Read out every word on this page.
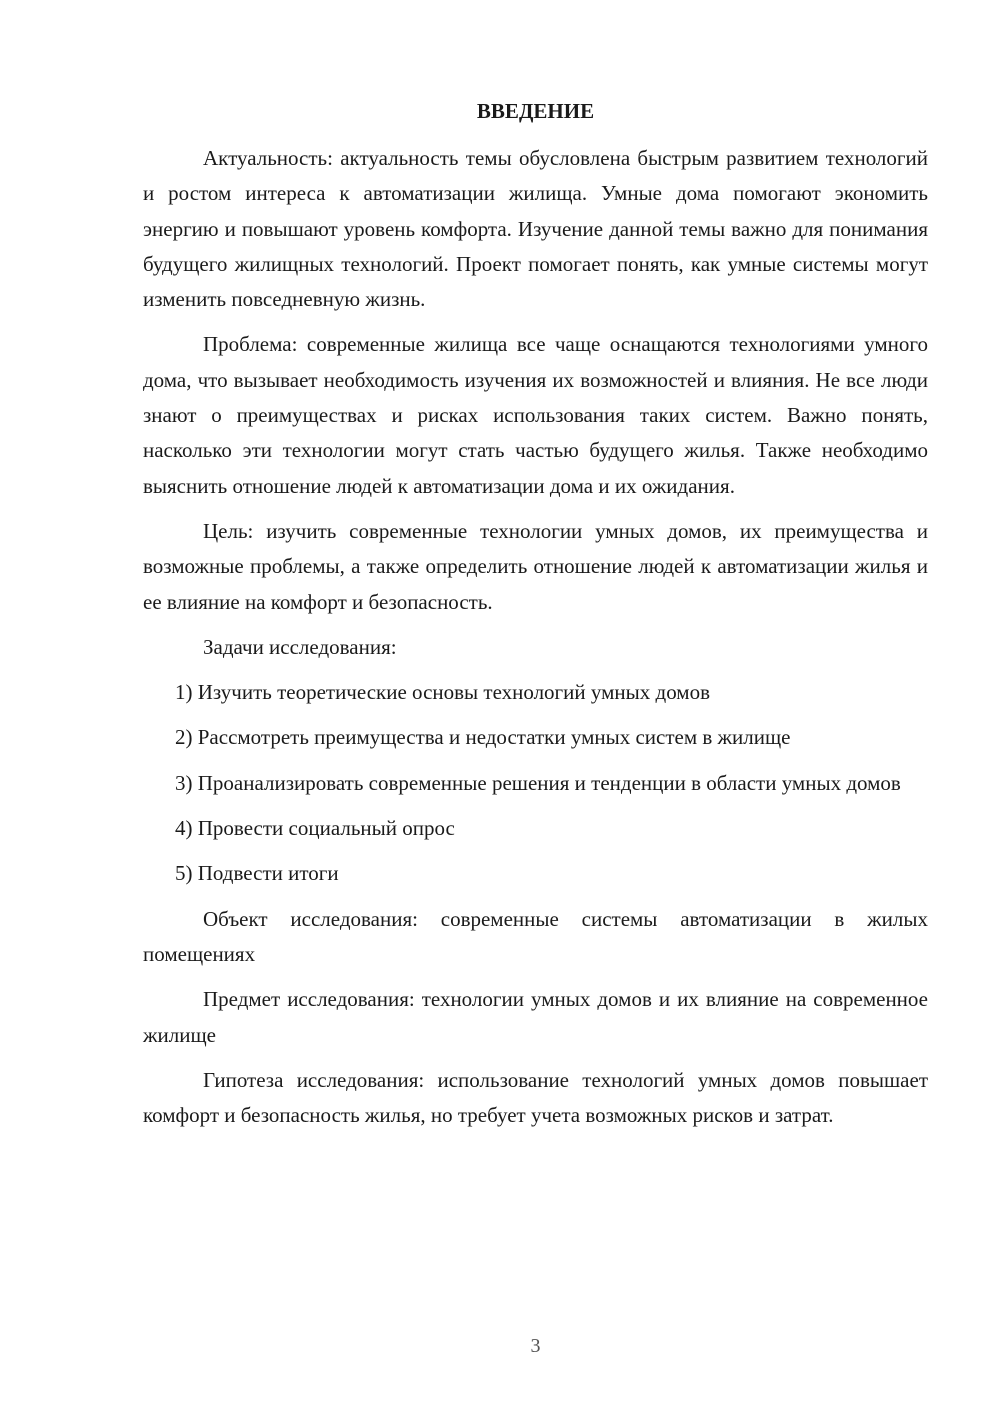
ВВЕДЕНИЕ

Актуальность: актуальность темы обусловлена быстрым развитием технологий и ростом интереса к автоматизации жилища. Умные дома помогают экономить энергию и повышают уровень комфорта. Изучение данной темы важно для понимания будущего жилищных технологий. Проект помогает понять, как умные системы могут изменить повседневную жизнь.

Проблема: современные жилища все чаще оснащаются технологиями умного дома, что вызывает необходимость изучения их возможностей и влияния. Не все люди знают о преимуществах и рисках использования таких систем. Важно понять, насколько эти технологии могут стать частью будущего жилья. Также необходимо выяснить отношение людей к автоматизации дома и их ожидания.

Цель: изучить современные технологии умных домов, их преимущества и возможные проблемы, а также определить отношение людей к автоматизации жилья и ее влияние на комфорт и безопасность.

Задачи исследования:

1) Изучить теоретические основы технологий умных домов

2) Рассмотреть преимущества и недостатки умных систем в жилище

3) Проанализировать современные решения и тенденции в области умных домов

4) Провести социальный опрос

5) Подвести итоги

Объект исследования: современные системы автоматизации в жилых помещениях

Предмет исследования: технологии умных домов и их влияние на современное жилище

Гипотеза исследования: использование технологий умных домов повышает комфорт и безопасность жилья, но требует учета возможных рисков и затрат.

3
